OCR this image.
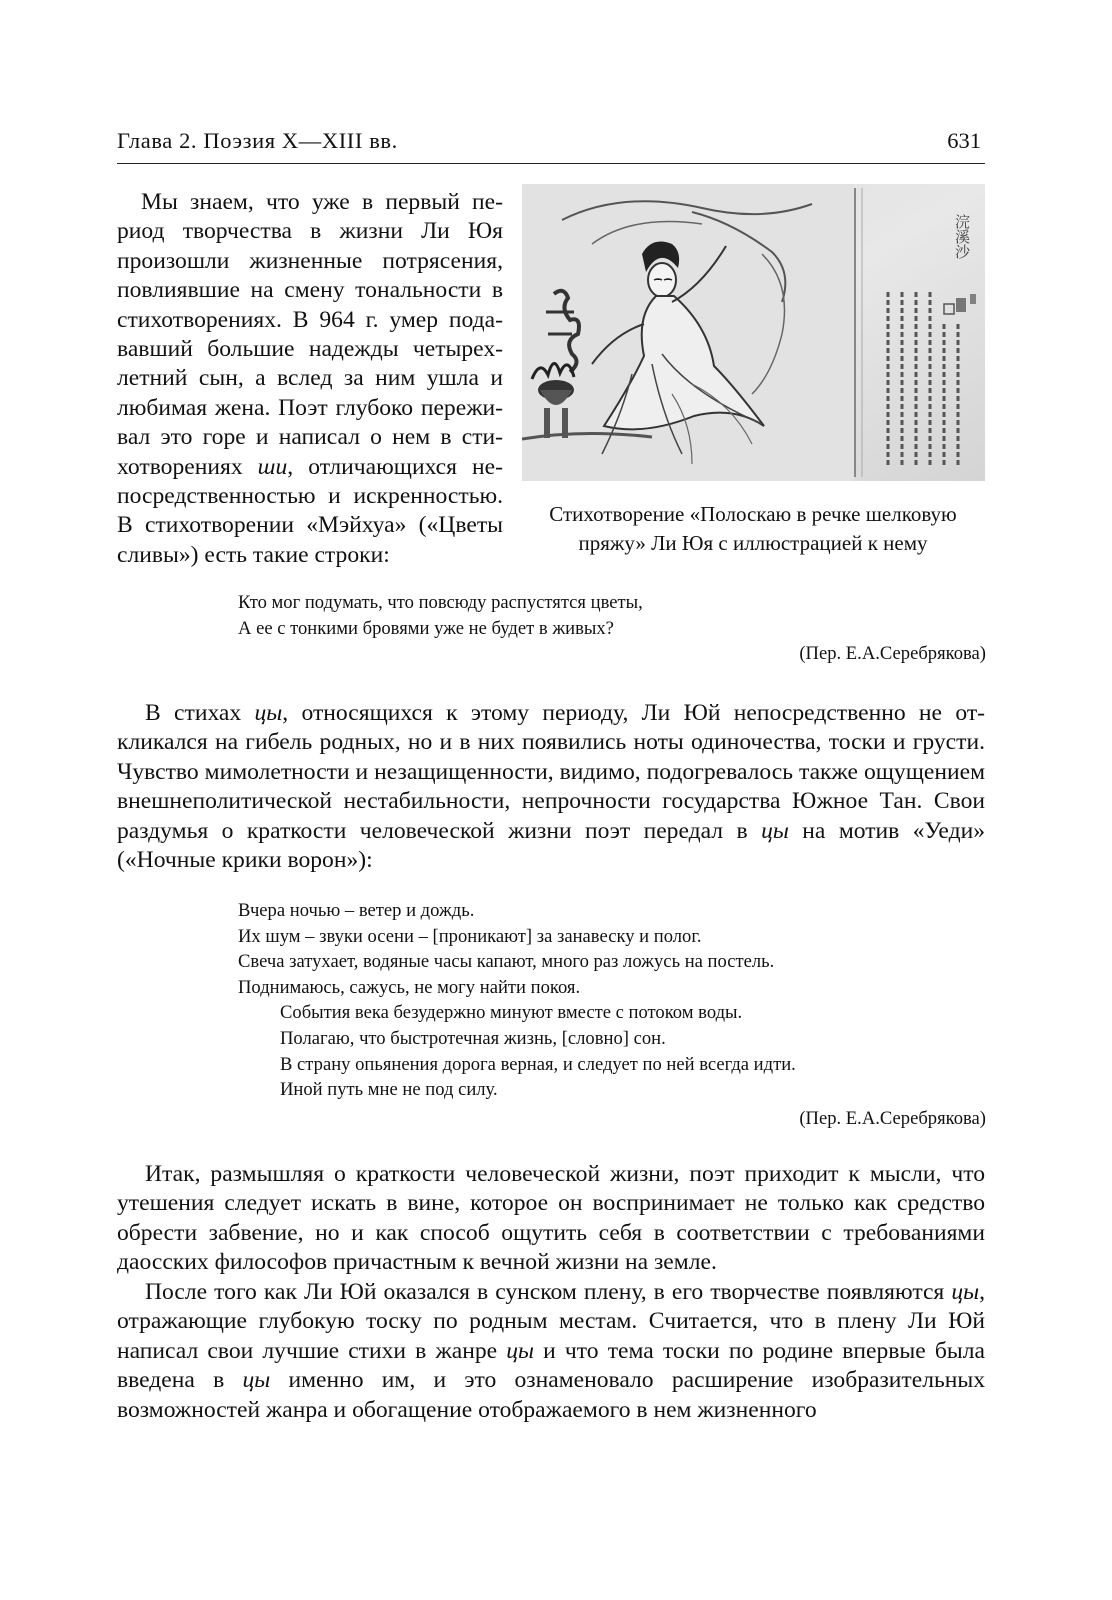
Глава 2. Поэзия X—XIII вв.	631

Мы знаем, что уже в первый период творчества в жизни Ли Юя произошли жизненные потрясения, повлиявшие на смену тональности в стихотворениях. В 964 г. умер подававший большие надежды четырехлетний сын, а вслед за ним ушла и любимая жена. Поэт глубоко переживал это горе и написал о нем в стихотворениях ши, отличающихся непосредственностью и искренностью. В стихотворении «Мэйхуа» («Цветы сливы») есть такие строки:

浣溪沙

Стихотворение «Полоскаю в речке шелковую пряжу» Ли Юя с иллюстрацией к нему

Кто мог подумать, что повсюду распустятся цветы,
А ее с тонкими бровями уже не будет в живых?
(Пер. Е.А.Серебрякова)

В стихах цы, относящихся к этому периоду, Ли Юй непосредственно не откликался на гибель родных, но и в них появились ноты одиночества, тоски и грусти. Чувство мимолетности и незащищенности, видимо, подогревалось также ощущением внешнеполитической нестабильности, непрочности государства Южное Тан. Свои раздумья о краткости человеческой жизни поэт передал в цы на мотив «Уеди» («Ночные крики ворон»):

Вчера ночью – ветер и дождь.
Их шум – звуки осени – [проникают] за занавеску и полог.
Свеча затухает, водяные часы капают, много раз ложусь на постель.
Поднимаюсь, сажусь, не могу найти покоя.
События века безудержно минуют вместе с потоком воды.
Полагаю, что быстротечная жизнь, [словно] сон.
В страну опьянения дорога верная, и следует по ней всегда идти.
Иной путь мне не под силу.
(Пер. Е.А.Серебрякова)

Итак, размышляя о краткости человеческой жизни, поэт приходит к мысли, что утешения следует искать в вине, которое он воспринимает не только как средство обрести забвение, но и как способ ощутить себя в соответствии с требованиями даосских философов причастным к вечной жизни на земле.

После того как Ли Юй оказался в сунском плену, в его творчестве появляются цы, отражающие глубокую тоску по родным местам. Считается, что в плену Ли Юй написал свои лучшие стихи в жанре цы и что тема тоски по родине впервые была введена в цы именно им, и это ознаменовало расширение изобразительных возможностей жанра и обогащение отображаемого в нем жизненного
